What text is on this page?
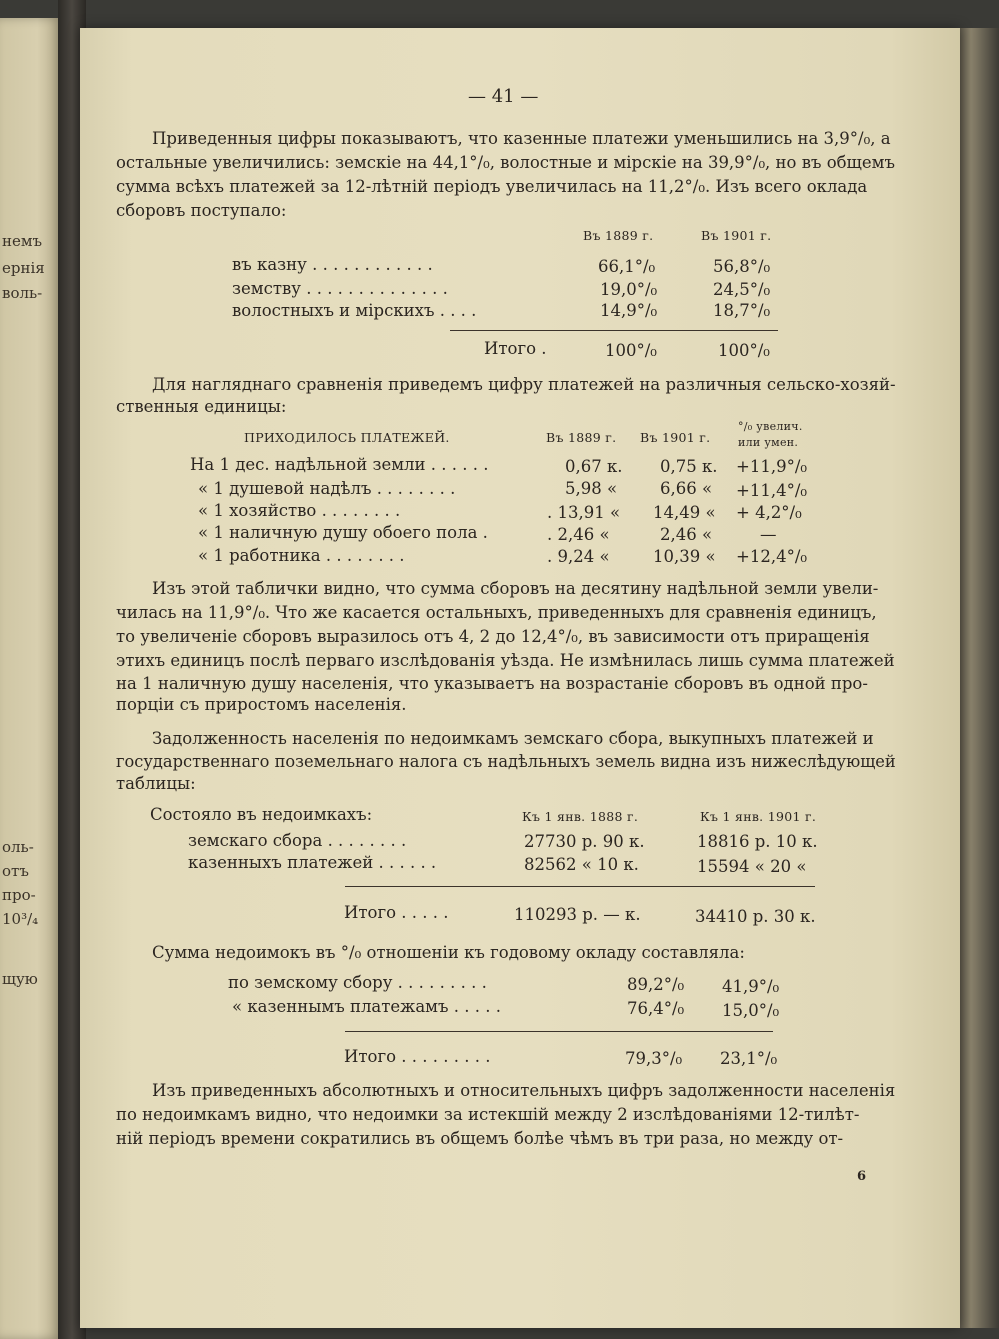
немъ
ернія
воль-
оль-
отъ
про-
10³/₄
щую
— 41 —
Приведенныя цифры показываютъ, что казенные платежи уменьшились на 3,9°/₀, а
остальные увеличились: земскіе на 44,1°/₀, волостные и мірскіе на 39,9°/₀, но въ общемъ
сумма всѣхъ платежей за 12-лѣтній періодъ увеличилась на 11,2°/₀. Изъ всего оклада
сборовъ поступало:
Въ 1889 г.	Въ 1901 г.
въ казну . . . . . . . . . . . .	66,1°/₀	56,8°/₀
земству . . . . . . . . . . . . . .	19,0°/₀	24,5°/₀
волостныхъ и мірскихъ . . . .	14,9°/₀	18,7°/₀
Итого .	100°/₀	100°/₀
Для нагляднаго сравненія приведемъ цифру платежей на различныя сельско-хозяй-
ственныя единицы:
ПРИХОДИЛОСЬ ПЛАТЕЖЕЙ.	Въ 1889 г. Въ 1901 г.
°/₀ увелич.
или умен.
На 1 дес. надѣльной земли . . . . . .	0,67 к. 0,75 к. +11,9°/₀
« 1 душевой надѣлъ . . . . . . . .	5,98 «	6,66 « +11,4°/₀
« 1 хозяйство . . . . . . . .	. 13,91 « 14,49 « + 4,2°/₀
« 1 наличную душу обоего пола .	. 2,46 «	2,46 «	—
« 1 работника . . . . . . . .	. 9,24 «	10,39 « +12,4°/₀
Изъ этой таблички видно, что сумма сборовъ на десятину надѣльной земли увели-
чилась на 11,9°/₀. Что же касается остальныхъ, приведенныхъ для сравненія единицъ,
то увеличеніе сборовъ выразилось отъ 4, 2 до 12,4°/₀, въ зависимости отъ приращенія
этихъ единицъ послѣ перваго изслѣдованія уѣзда. Не измѣнилась лишь сумма платежей
на 1 наличную душу населенія, что указываетъ на возрастаніе сборовъ въ одной про-
порціи съ приростомъ населенія.
Задолженность населенія по недоимкамъ земскаго сбора, выкупныхъ платежей и
государственнаго поземельнаго налога съ надѣльныхъ земель видна изъ нижеслѣдующей
таблицы:
Состояло въ недоимкахъ:	Къ 1 янв. 1888 г.	Къ 1 янв. 1901 г.
земскаго сбора . . . . . . . .	27730 р. 90 к.	18816 р. 10 к.
казенныхъ платежей . . . . . .	82562 « 10 к.	15594 « 20 «
Итого . . . . .	110293 р. — к.	34410 р. 30 к.
Сумма недоимокъ въ °/₀ отношеніи къ годовому окладу составляла:
по земскому сбору . . . . . . . . .	89,2°/₀ 41,9°/₀
« казеннымъ платежамъ . . . . .	76,4°/₀ 15,0°/₀
Итого . . . . . . . . .	79,3°/₀ 23,1°/₀
Изъ приведенныхъ абсолютныхъ и относительныхъ цифръ задолженности населенія
по недоимкамъ видно, что недоимки за истекшій между 2 изслѣдованіями 12-тилѣт-
ній періодъ времени сократились въ общемъ болѣе чѣмъ въ три раза, но между от-
6
